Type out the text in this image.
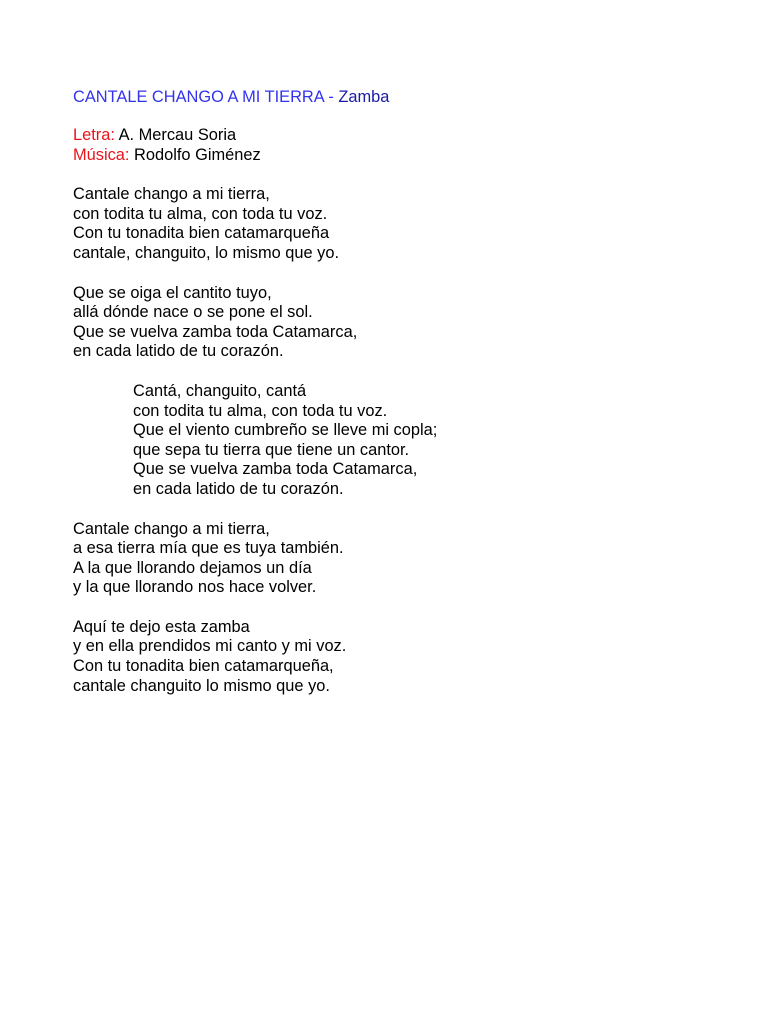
CANTALE CHANGO A MI TIERRA - Zamba
Letra: A. Mercau Soria
Música: Rodolfo Giménez
Cantale chango a mi tierra,
con todita tu alma, con toda tu voz.
Con tu tonadita bien catamarqueña
cantale, changuito, lo mismo que yo.
Que se oiga el cantito tuyo,
allá dónde nace o se pone el sol.
Que se vuelva zamba toda Catamarca,
en cada latido de tu corazón.
Cantá, changuito, cantá
con todita tu alma, con toda tu voz.
Que el viento cumbreño se lleve mi copla;
que sepa tu tierra que tiene un cantor.
Que se vuelva zamba toda Catamarca,
en cada latido de tu corazón.
Cantale chango a mi tierra,
a esa tierra mía que es tuya también.
A la que llorando dejamos un día
y la que llorando nos hace volver.
Aquí te dejo esta zamba
y en ella prendidos mi canto y mi voz.
Con tu tonadita bien catamarqueña,
cantale changuito lo mismo que yo.
